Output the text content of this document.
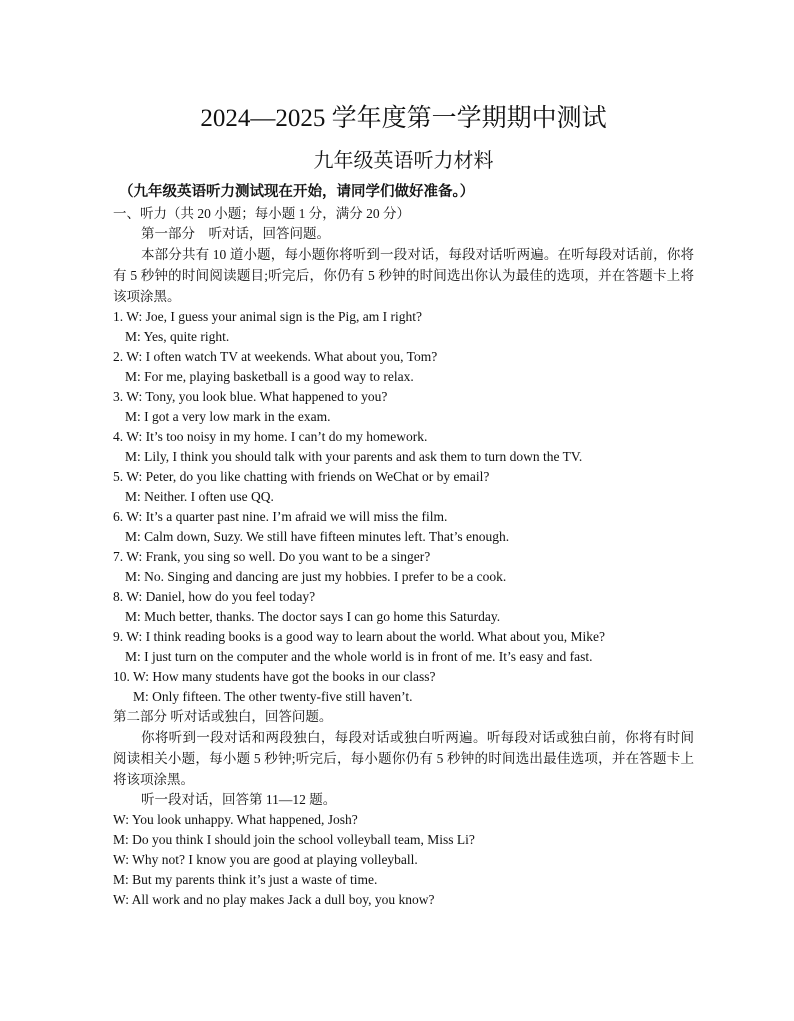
2024—2025 学年度第一学期期中测试
九年级英语听力材料
（九年级英语听力测试现在开始，请同学们做好准备。）
一、听力（共 20 小题；每小题 1 分，满分 20 分）
第一部分　听对话，回答问题。
本部分共有 10 道小题，每小题你将听到一段对话，每段对话听两遍。在听每段对话前，你将有 5 秒钟的时间阅读题目;听完后，你仍有 5 秒钟的时间选出你认为最佳的选项，并在答题卡上将该项涂黑。
1. W: Joe, I guess your animal sign is the Pig, am I right?
M: Yes, quite right.
2. W: I often watch TV at weekends. What about you, Tom?
M: For me, playing basketball is a good way to relax.
3. W: Tony, you look blue. What happened to you?
M: I got a very low mark in the exam.
4. W: It’s too noisy in my home. I can’t do my homework.
M: Lily, I think you should talk with your parents and ask them to turn down the TV.
5. W: Peter, do you like chatting with friends on WeChat or by email?
M: Neither. I often use QQ.
6. W: It’s a quarter past nine. I’m afraid we will miss the film.
M: Calm down, Suzy. We still have fifteen minutes left. That’s enough.
7. W: Frank, you sing so well. Do you want to be a singer?
M: No. Singing and dancing are just my hobbies. I prefer to be a cook.
8. W: Daniel, how do you feel today?
M: Much better, thanks. The doctor says I can go home this Saturday.
9. W: I think reading books is a good way to learn about the world. What about you, Mike?
M: I just turn on the computer and the whole world is in front of me. It’s easy and fast.
10. W: How many students have got the books in our class?
M: Only fifteen. The other twenty-five still haven’t.
第二部分 听对话或独白，回答问题。
你将听到一段对话和两段独白，每段对话或独白听两遍。听每段对话或独白前，你将有时间阅读相关小题，每小题 5 秒钟;听完后，每小题你仍有 5 秒钟的时间选出最佳选项，并在答题卡上将该项涂黑。
听一段对话，回答第 11—12 题。
W: You look unhappy. What happened, Josh?
M: Do you think I should join the school volleyball team, Miss Li?
W: Why not? I know you are good at playing volleyball.
M: But my parents think it’s just a waste of time.
W: All work and no play makes Jack a dull boy, you know?
